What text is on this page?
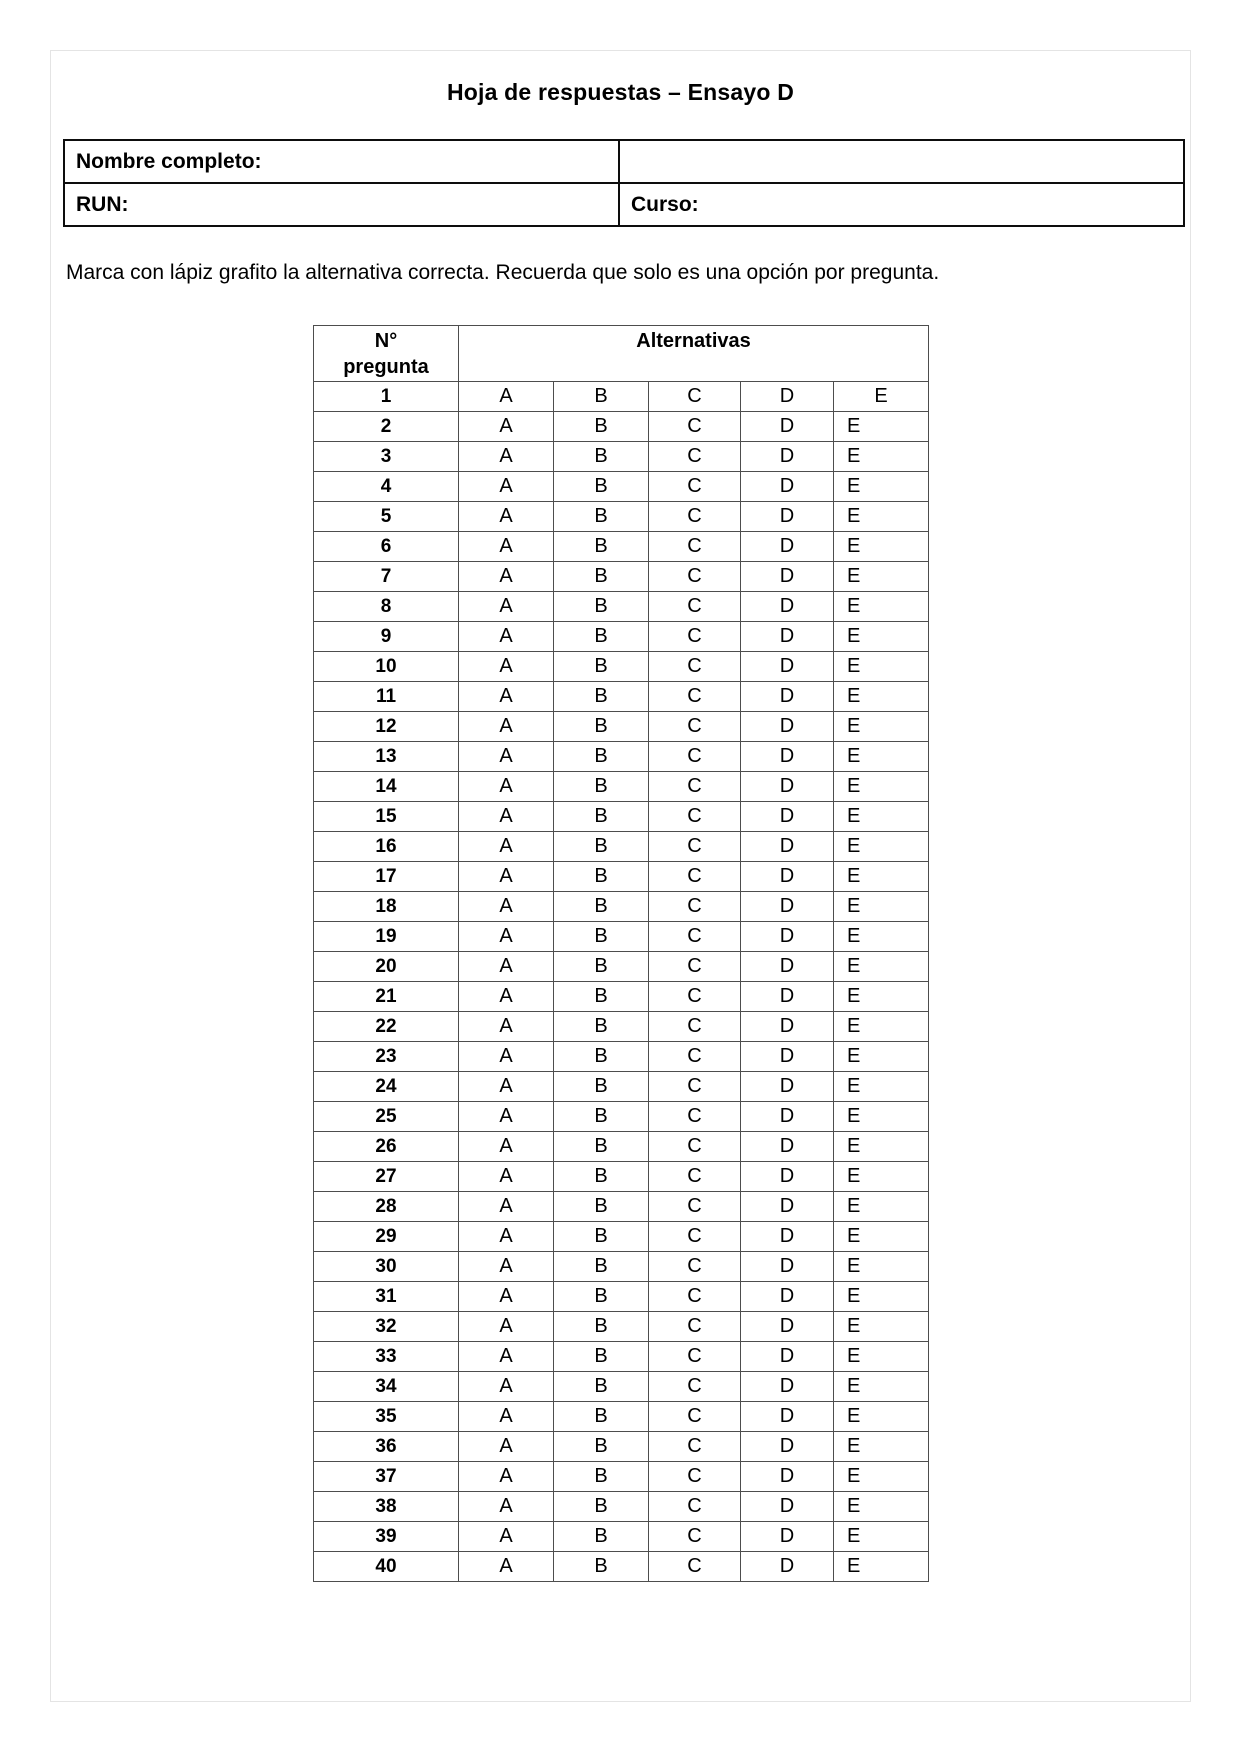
Hoja de respuestas – Ensayo D
Nombre completo:	
RUN:	Curso:
Marca con lápiz grafito la alternativa correcta. Recuerda que solo es una opción por pregunta.
N°
pregunta	Alternativas				
1	A	B	C	D	E
2	A	B	C	D	E
3	A	B	C	D	E
4	A	B	C	D	E
5	A	B	C	D	E
6	A	B	C	D	E
7	A	B	C	D	E
8	A	B	C	D	E
9	A	B	C	D	E
10	A	B	C	D	E
11	A	B	C	D	E
12	A	B	C	D	E
13	A	B	C	D	E
14	A	B	C	D	E
15	A	B	C	D	E
16	A	B	C	D	E
17	A	B	C	D	E
18	A	B	C	D	E
19	A	B	C	D	E
20	A	B	C	D	E
21	A	B	C	D	E
22	A	B	C	D	E
23	A	B	C	D	E
24	A	B	C	D	E
25	A	B	C	D	E
26	A	B	C	D	E
27	A	B	C	D	E
28	A	B	C	D	E
29	A	B	C	D	E
30	A	B	C	D	E
31	A	B	C	D	E
32	A	B	C	D	E
33	A	B	C	D	E
34	A	B	C	D	E
35	A	B	C	D	E
36	A	B	C	D	E
37	A	B	C	D	E
38	A	B	C	D	E
39	A	B	C	D	E
40	A	B	C	D	E
